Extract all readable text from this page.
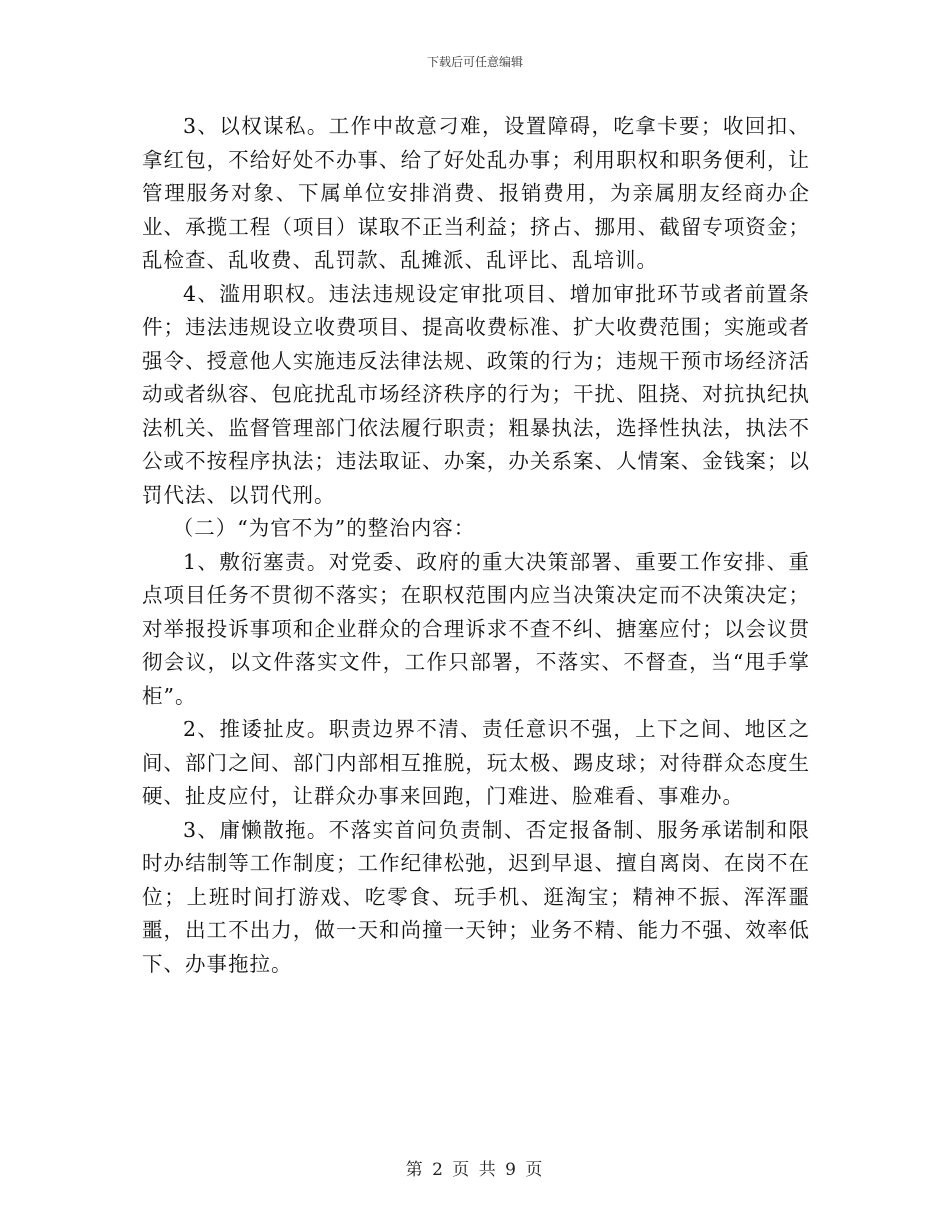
下载后可任意编辑

3、以权谋私。工作中故意刁难，设置障碍，吃拿卡要；收回扣、拿红包，不给好处不办事、给了好处乱办事；利用职权和职务便利，让管理服务对象、下属单位安排消费、报销费用，为亲属朋友经商办企业、承揽工程（项目）谋取不正当利益；挤占、挪用、截留专项资金；乱检查、乱收费、乱罚款、乱摊派、乱评比、乱培训。

4、滥用职权。违法违规设定审批项目、增加审批环节或者前置条件；违法违规设立收费项目、提高收费标准、扩大收费范围；实施或者强令、授意他人实施违反法律法规、政策的行为；违规干预市场经济活动或者纵容、包庇扰乱市场经济秩序的行为；干扰、阻挠、对抗执纪执法机关、监督管理部门依法履行职责；粗暴执法，选择性执法，执法不公或不按程序执法；违法取证、办案，办关系案、人情案、金钱案；以罚代法、以罚代刑。

（二）“为官不为”的整治内容：

1、敷衍塞责。对党委、政府的重大决策部署、重要工作安排、重点项目任务不贯彻不落实；在职权范围内应当决策决定而不决策决定；对举报投诉事项和企业群众的合理诉求不查不纠、搪塞应付；以会议贯彻会议，以文件落实文件，工作只部署，不落实、不督查，当“甩手掌柜”。

2、推诿扯皮。职责边界不清、责任意识不强，上下之间、地区之间、部门之间、部门内部相互推脱，玩太极、踢皮球；对待群众态度生硬、扯皮应付，让群众办事来回跑，门难进、脸难看、事难办。

3、庸懒散拖。不落实首问负责制、否定报备制、服务承诺制和限时办结制等工作制度；工作纪律松弛，迟到早退、擅自离岗、在岗不在位；上班时间打游戏、吃零食、玩手机、逛淘宝；精神不振、浑浑噩噩，出工不出力，做一天和尚撞一天钟；业务不精、能力不强、效率低下、办事拖拉。

第 2 页 共 9 页
